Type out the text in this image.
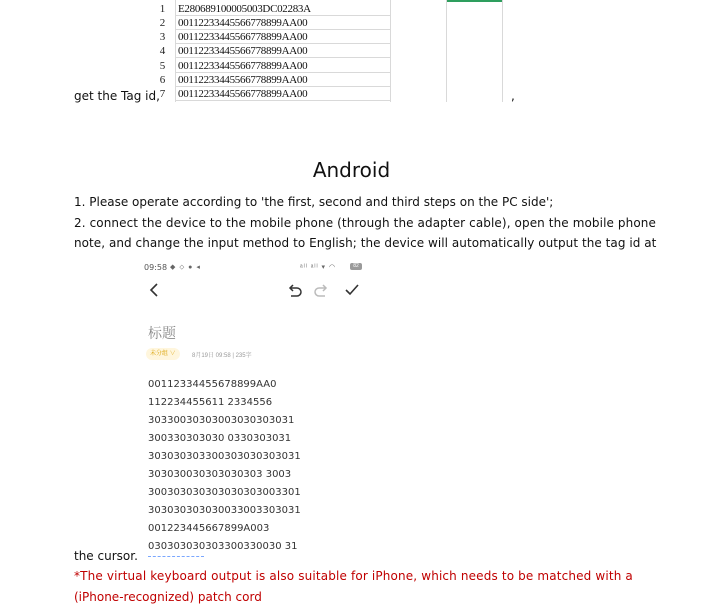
1	E280689100005003DC02283A
2	00112233445566778899AA00
3	00112233445566778899AA00
4	00112233445566778899AA00
5	00112233445566778899AA00
6	00112233445566778899AA00
7	00112233445566778899AA00
get the Tag id,	,
Android
1. Please operate according to 'the first, second and third steps on the PC side';
2. connect the device to the mobile phone (through the adapter cable), open the mobile phone
note, and change the input method to English; the device will automatically output the tag id at
09:58 ◆ ⬦ ● ◂	ᵃˡˡ ᵃˡˡ ▾ ◠	82
标题
未分组 ∨	8月19日 09:58 | 235字
00112334455678899AA0
112234455611 2334556
30330030303003030303031
300330303030 0330303031
303030303300303030303031
303030030303030303 3003
300303030303030303003301
303030303030033003303031
001223445667899A003
030303030303300330030 31
the cursor.
*The virtual keyboard output is also suitable for iPhone, which needs to be matched with a
(iPhone-recognized) patch cord
